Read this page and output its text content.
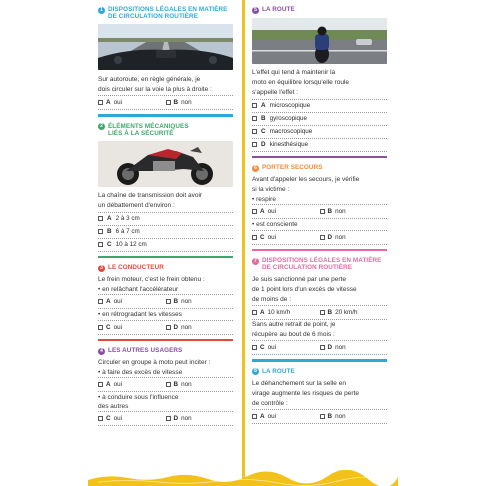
1 DISPOSITIONS LÉGALES EN MATIÈRE
DE CIRCULATION ROUTIÈRE
Sur autoroute, en règle générale, je
dois circuler sur la voie la plus à droite :
A oui	B non
2 ÉLÉMENTS MÉCANIQUES
LIÉS À LA SÉCURITÉ
La chaîne de transmission doit avoir
un débattement d'environ :
A 2 à 3 cm
B 6 à 7 cm
C 10 à 12 cm
3 LE CONDUCTEUR
Le frein moteur, c'est le frein obtenu :
• en relâchant l'accélérateur
A oui	B non
• en rétrogradant les vitesses
C oui	D non
4 LES AUTRES USAGERS
Circuler en groupe à moto peut inciter :
• à faire des excès de vitesse
A oui	B non
• à conduire sous l'influence
des autres
C oui	D non
5 LA ROUTE
L'effet qui tend à maintenir la
moto en équilibre lorsqu'elle roule
s'appelle l'effet :
A microscopique
B gyroscopique
C macroscopique
D kinesthésique
6 PORTER SECOURS
Avant d'appeler les secours, je vérifie
si la victime :
• respire
A oui	B non
• est consciente
C oui	D non
7 DISPOSITIONS LÉGALES EN MATIÈRE
DE CIRCULATION ROUTIÈRE
Je suis sanctionné par une perte
de 1 point lors d'un excès de vitesse
de moins de :
A 10 km/h	B 20 km/h
Sans autre retrait de point, je
récupère au bout de 6 mois :
C oui	D non
8 LA ROUTE
Le déhanchement sur la selle en
virage augmente les risques de perte
de contrôle :
A oui	B non
